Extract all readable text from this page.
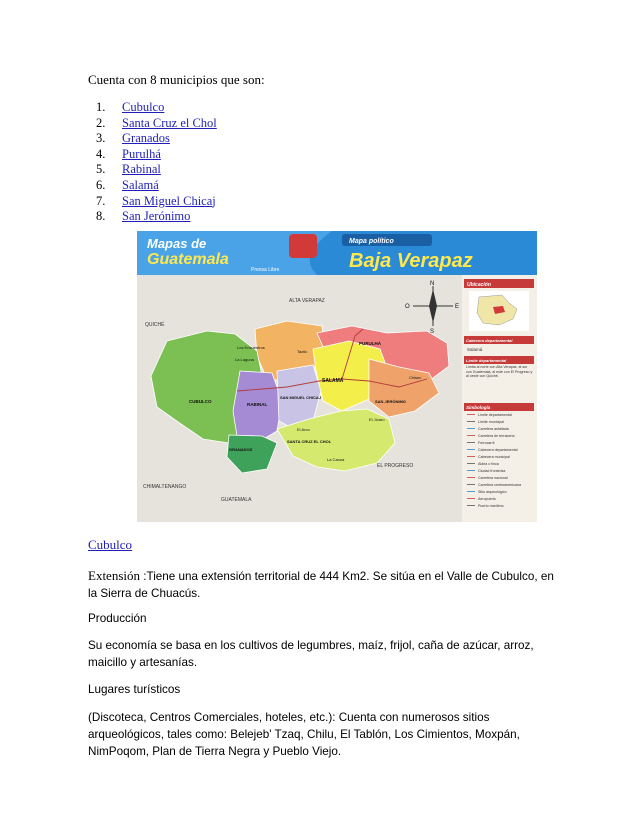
Cuenta con 8 municipios que son:
1.	Cubulco
2.	Santa Cruz el Chol
3.	Granados
4.	Purulhá
5.	Rabinal
6.	Salamá
7.	San Miguel Chicaj
8.	San Jerónimo
Mapas de
Guatemala
Prensa Libre
Mapa político
Baja Verapaz
N
S
E
O
ALTA VERAPAZ
QUICHÉ
EL PROGRESO
CHIMALTENANGO
GUATEMALA
CUBULCO
RABINAL
SALAMÁ
PURULHÁ
SAN MIGUEL CHICAJ
SANTA CRUZ EL CHOL
GRANADOS
SAN JERÓNIMO
Chisec
El Jícaro
La Canoa
El Arco
Tactic
Los Encuentros
La Laguna
Ubicación
Cabecera departamental
Salamá
Límite departamental
Limita al norte con Alta Verapaz, al sur con Guatemala, al este con El Progreso y al oeste con Quiché.
Simbología
Límite departamental
Límite municipal
Carretera asfaltada
Carretera de terracería
Ferrocarril
Cabecera departamental
Cabecera municipal
Aldea o finca
Ciudad fronteriza
Carretera nacional
Carretera centroamericana
Sitio arqueológico
Aeropuerto
Puerto marítimo
Cubulco
Extensión :Tiene una extensión territorial de 444 Km2. Se sitúa en el Valle de Cubulco, en la Sierra de Chuacús.
Producción
Su economía se basa en los cultivos de legumbres, maíz, frijol, caña de azúcar, arroz, maicillo y artesanías.
Lugares turísticos
(Discoteca, Centros Comerciales, hoteles, etc.): Cuenta con numerosos sitios arqueológicos, tales como: Belejeb' Tzaq, Chilu, El Tablón, Los Cimientos, Moxpán, NimPoqom, Plan de Tierra Negra y Pueblo Viejo.
